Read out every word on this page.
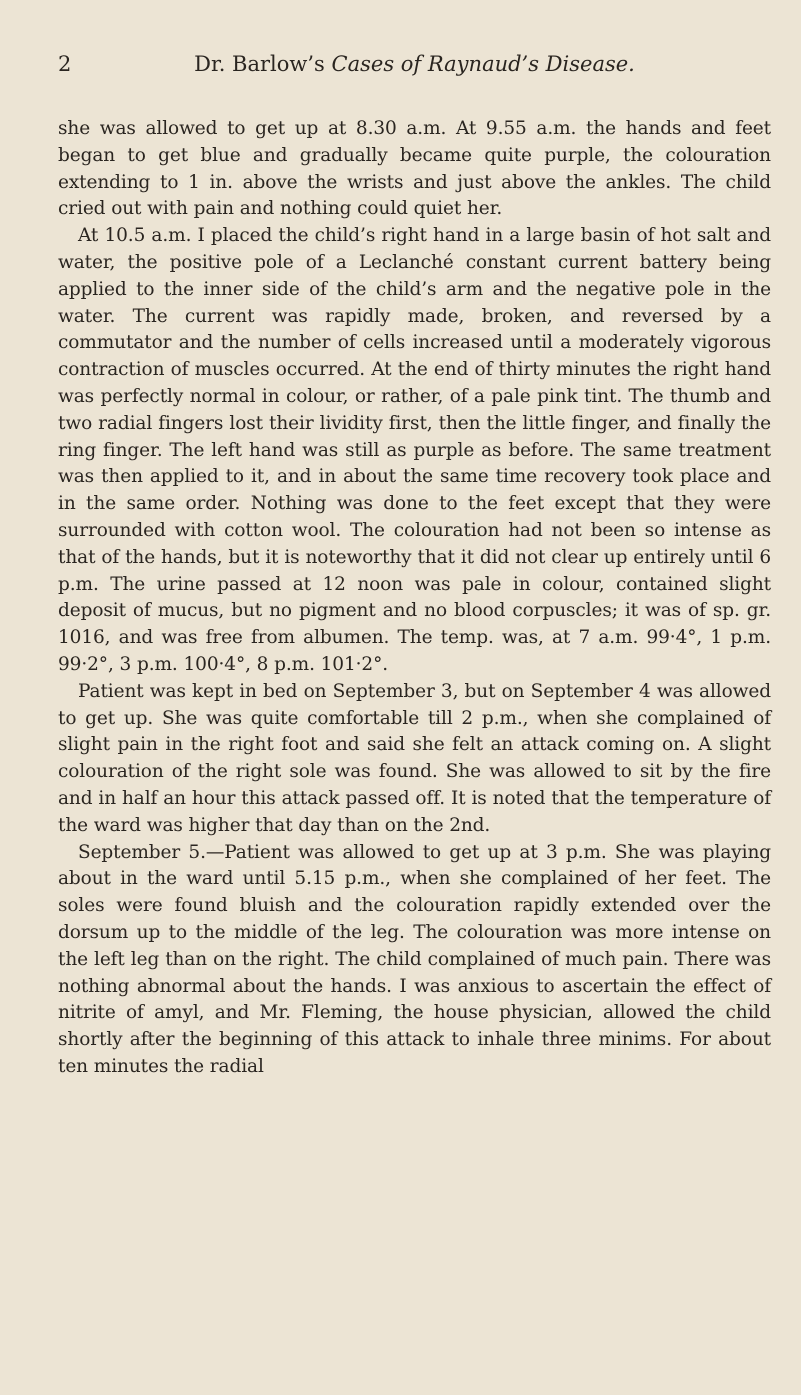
2	Dr. Barlow’s Cases of Raynaud’s Disease.

she was allowed to get up at 8.30 a.m. At 9.55 a.m. the hands and feet began to get blue and gradually became quite purple, the colouration extending to 1 in. above the wrists and just above the ankles. The child cried out with pain and nothing could quiet her.

At 10.5 a.m. I placed the child’s right hand in a large basin of hot salt and water, the positive pole of a Leclanché constant current battery being applied to the inner side of the child’s arm and the negative pole in the water. The current was rapidly made, broken, and reversed by a commutator and the number of cells increased until a moderately vigorous contraction of muscles occurred. At the end of thirty minutes the right hand was perfectly normal in colour, or rather, of a pale pink tint. The thumb and two radial fingers lost their lividity first, then the little finger, and finally the ring finger. The left hand was still as purple as before. The same treatment was then applied to it, and in about the same time recovery took place and in the same order. Nothing was done to the feet except that they were surrounded with cotton wool. The colouration had not been so intense as that of the hands, but it is noteworthy that it did not clear up entirely until 6 p.m. The urine passed at 12 noon was pale in colour, contained slight deposit of mucus, but no pigment and no blood corpuscles; it was of sp. gr. 1016, and was free from albumen. The temp. was, at 7 a.m. 99·4°, 1 p.m. 99·2°, 3 p.m. 100·4°, 8 p.m. 101·2°.

Patient was kept in bed on September 3, but on September 4 was allowed to get up. She was quite comfortable till 2 p.m., when she complained of slight pain in the right foot and said she felt an attack coming on. A slight colouration of the right sole was found. She was allowed to sit by the fire and in half an hour this attack passed off. It is noted that the temperature of the ward was higher that day than on the 2nd.

September 5.—Patient was allowed to get up at 3 p.m. She was playing about in the ward until 5.15 p.m., when she complained of her feet. The soles were found bluish and the colouration rapidly extended over the dorsum up to the middle of the leg. The colouration was more intense on the left leg than on the right. The child complained of much pain. There was nothing abnormal about the hands. I was anxious to ascertain the effect of nitrite of amyl, and Mr. Fleming, the house physician, allowed the child shortly after the beginning of this attack to inhale three minims. For about ten minutes the radial
